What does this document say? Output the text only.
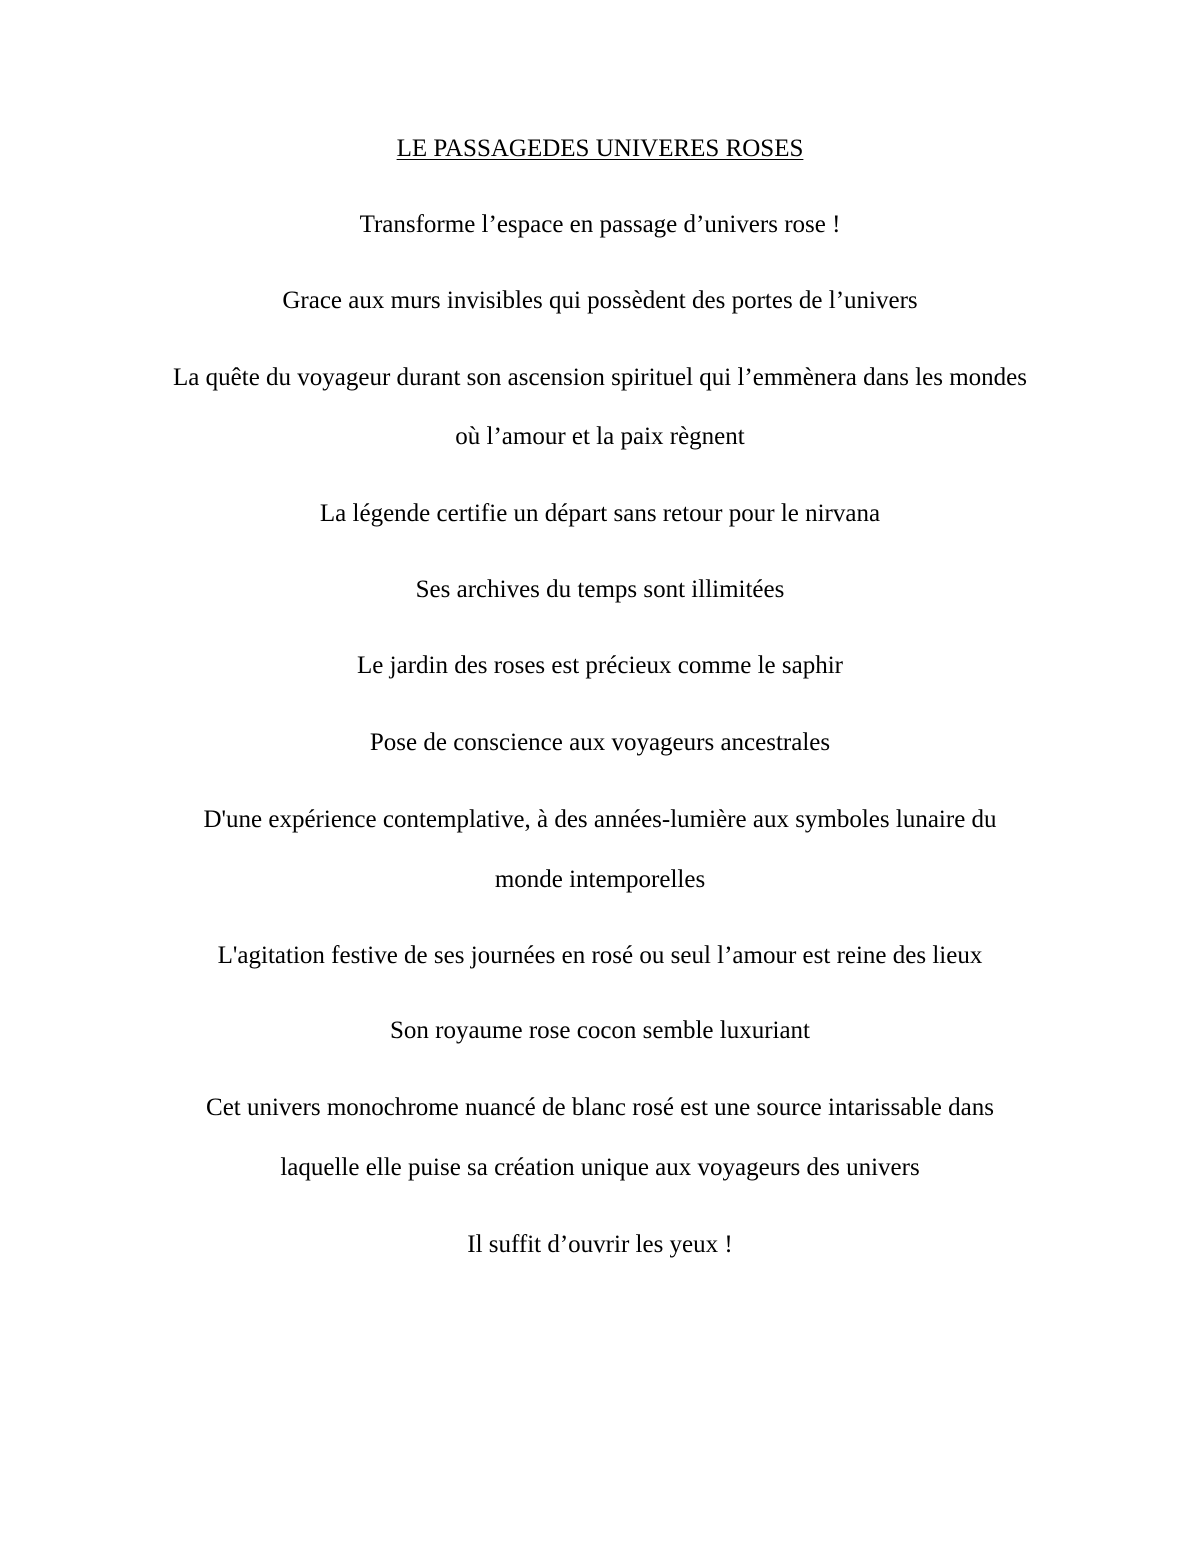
LE PASSAGEDES UNIVERES ROSES
Transforme l’espace en passage d’univers rose !
Grace aux murs invisibles qui possèdent des portes de l’univers
La quête du voyageur durant son ascension spirituel qui l’emmènera dans les mondes
où l’amour et la paix règnent
La légende certifie un départ sans retour pour le nirvana
Ses archives du temps sont illimitées
Le jardin des roses est précieux comme le saphir
Pose de conscience aux voyageurs ancestrales
D'une expérience contemplative, à des années-lumière aux symboles lunaire du
monde intemporelles
L'agitation festive de ses journées en rosé ou seul l’amour est reine des lieux
Son royaume rose cocon semble luxuriant
Cet univers monochrome nuancé de blanc rosé est une source intarissable dans
laquelle elle puise sa création unique aux voyageurs des univers
Il suffit d’ouvrir les yeux !
